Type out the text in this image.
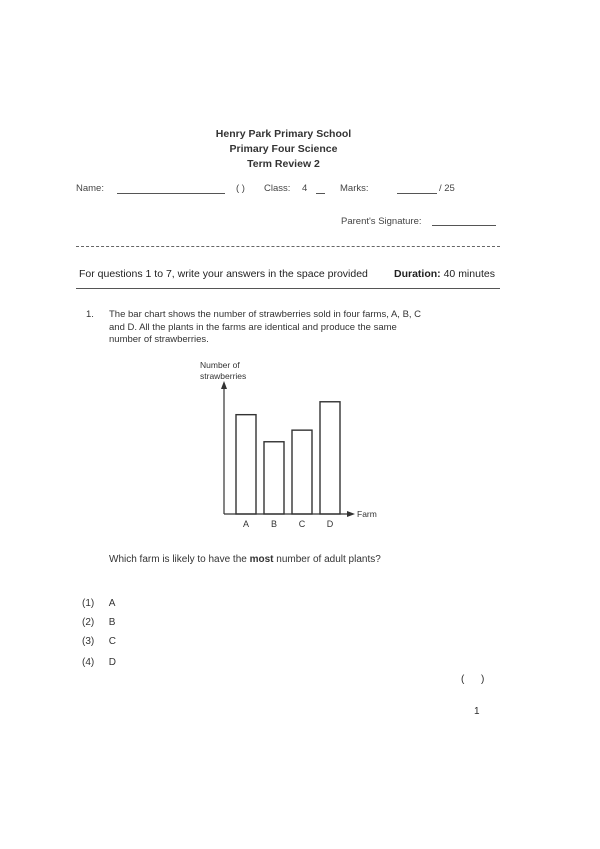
Henry Park Primary School
Primary Four Science
Term Review 2
Name:	( ) Class: 4	Marks:	/ 25
Parent's Signature:
For questions 1 to 7, write your answers in the space provided Duration: 40 minutes
1. The bar chart shows the number of strawberries sold in four farms, A, B, C
and D. All the plants in the farms are identical and produce the same
number of strawberries.
Number of
strawberries
Farm
A B C D
Which farm is likely to have the most number of adult plants?
(1) A
(2) B
(3) C
(4) D
(      )
1
